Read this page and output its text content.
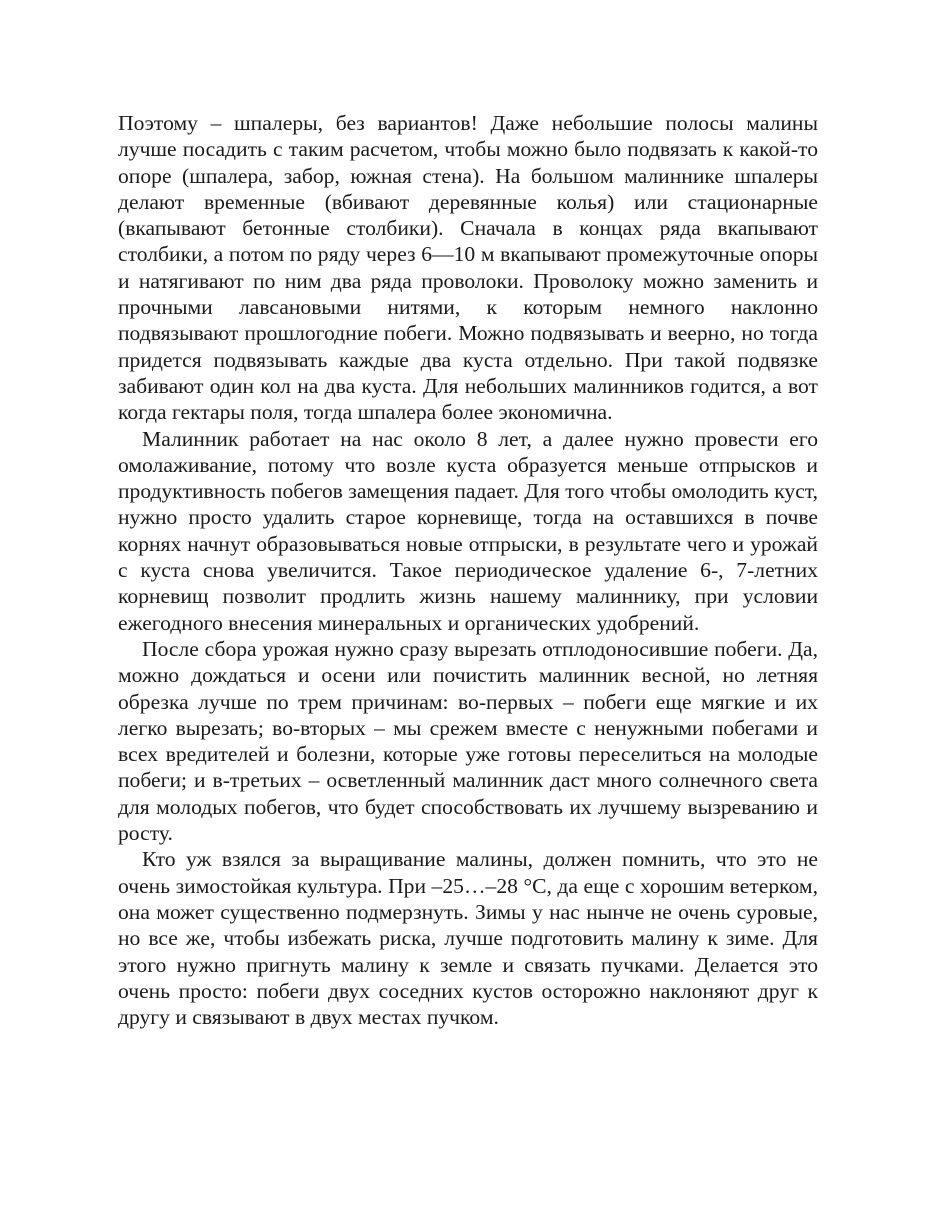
Поэтому – шпалеры, без вариантов! Даже небольшие полосы малины лучше посадить с таким расчетом, чтобы можно было подвязать к какой-то опоре (шпалера, забор, южная стена). На большом малиннике шпалеры делают временные (вбивают деревянные колья) или стационарные (вкапывают бетонные столбики). Сначала в концах ряда вкапывают столбики, а потом по ряду через 6—10 м вкапывают промежуточные опоры и натягивают по ним два ряда проволоки. Проволоку можно заменить и прочными лавсановыми нитями, к которым немного наклонно подвязывают прошлогодние побеги. Можно подвязывать и веерно, но тогда придется подвязывать каждые два куста отдельно. При такой подвязке забивают один кол на два куста. Для небольших малинников годится, а вот когда гектары поля, тогда шпалера более экономична.

Малинник работает на нас около 8 лет, а далее нужно провести его омолаживание, потому что возле куста образуется меньше отпрысков и продуктивность побегов замещения падает. Для того чтобы омолодить куст, нужно просто удалить старое корневище, тогда на оставшихся в почве корнях начнут образовываться новые отпрыски, в результате чего и урожай с куста снова увеличится. Такое периодическое удаление 6-, 7-летних корневищ позволит продлить жизнь нашему малиннику, при условии ежегодного внесения минеральных и органических удобрений.

После сбора урожая нужно сразу вырезать отплодоносившие побеги. Да, можно дождаться и осени или почистить малинник весной, но летняя обрезка лучше по трем причинам: во-первых – побеги еще мягкие и их легко вырезать; во-вторых – мы срежем вместе с ненужными побегами и всех вредителей и болезни, которые уже готовы переселиться на молодые побеги; и в-третьих – осветленный малинник даст много солнечного света для молодых побегов, что будет способствовать их лучшему вызреванию и росту.

Кто уж взялся за выращивание малины, должен помнить, что это не очень зимостойкая культура. При –25…–28 °С, да еще с хорошим ветерком, она может существенно подмерзнуть. Зимы у нас нынче не очень суровые, но все же, чтобы избежать риска, лучше подготовить малину к зиме. Для этого нужно пригнуть малину к земле и связать пучками. Делается это очень просто: побеги двух соседних кустов осторожно наклоняют друг к другу и связывают в двух местах пучком.
